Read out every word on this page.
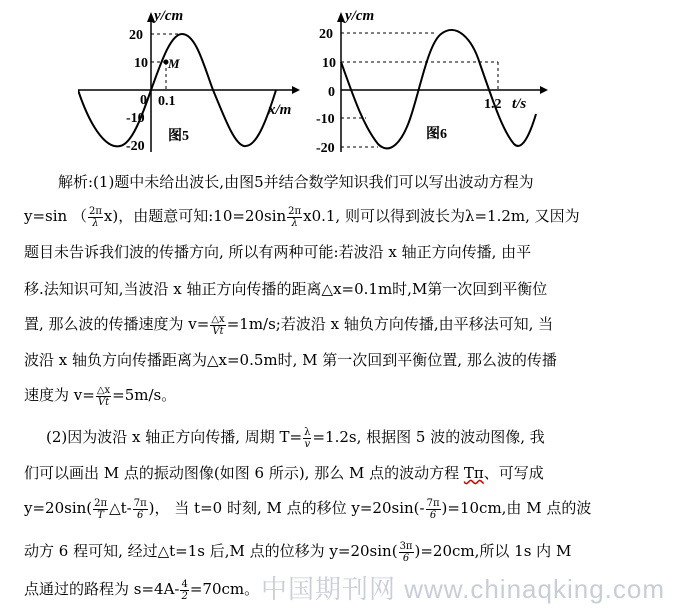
y/cm
20
10
0
-10
-20
0.1
M
x/m
图5
y/cm
20
10
0
-10
-20
1.2 t/s
图6
解析:(1)题中未给出波长,由图5并结合数学知识我们可以写出波动方程为
y=sin （ $\frac{2\pi}{\lambda} x$)，由题意可知:10=20sin $\frac{2\pi}{\lambda} x0.1$, 则可以得到波长为λ=1.2m, 又因为
题目未告诉我们波的传播方向, 所以有两种可能:若波沿 x 轴正方向传播, 由平
移.法知识可知,当波沿 x 轴正方向传播的距离△x=0.1m时,M第一次回到平衡位
置, 那么波的传播速度为 $v= \frac{\triangle x}{Vt} =1m/s$;若波沿 x 轴负方向传播,由平移法可知, 当
波沿 x 轴负方向传播距离为△x=0.5m时, M 第一次回到平衡位置, 那么波的传播
速度为 $v= \frac{\triangle x}{Vt} =5m/s$。
(2)因为波沿 x 轴正方向传播, 周期 $T= \frac{\lambda}{v} =1.2s$, 根据图 5 波的波动图像, 我
们可以画出 M 点的振动图像(如图 6 所示), 那么 M 点的波动方程 Tπ、可写成
$y=20\sin( \frac{2\pi}{T}$ △t- $\frac{7\pi}{6}$ )， 当 t=0 时刻, M 点的移位 $y=20\sin(- \frac{7\pi}{6} )=10cm$,由 M 点的波
动方 6 程可知, 经过△t=1s 后,M 点的位移为 $y=20\sin( \frac{3\pi}{6} )=20cm$,所以 1s 内 M
点通过的路程为 $s=4A- \frac{4}{2} =70cm$。 中国期刊网 www.chinaqking.com
